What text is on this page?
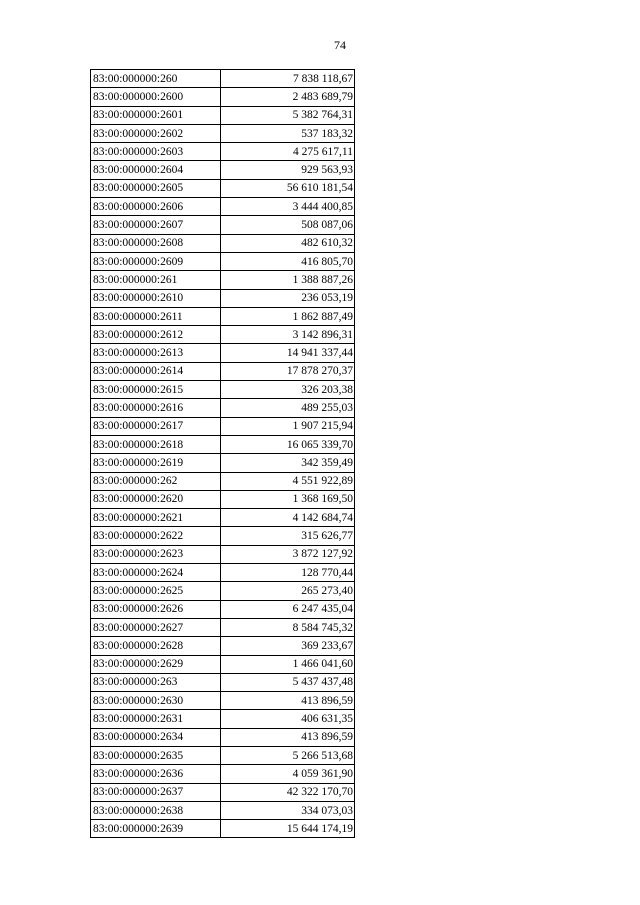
74
83:00:000000:260	7 838 118,67
83:00:000000:2600	2 483 689,79
83:00:000000:2601	5 382 764,31
83:00:000000:2602	537 183,32
83:00:000000:2603	4 275 617,11
83:00:000000:2604	929 563,93
83:00:000000:2605	56 610 181,54
83:00:000000:2606	3 444 400,85
83:00:000000:2607	508 087,06
83:00:000000:2608	482 610,32
83:00:000000:2609	416 805,70
83:00:000000:261	1 388 887,26
83:00:000000:2610	236 053,19
83:00:000000:2611	1 862 887,49
83:00:000000:2612	3 142 896,31
83:00:000000:2613	14 941 337,44
83:00:000000:2614	17 878 270,37
83:00:000000:2615	326 203,38
83:00:000000:2616	489 255,03
83:00:000000:2617	1 907 215,94
83:00:000000:2618	16 065 339,70
83:00:000000:2619	342 359,49
83:00:000000:262	4 551 922,89
83:00:000000:2620	1 368 169,50
83:00:000000:2621	4 142 684,74
83:00:000000:2622	315 626,77
83:00:000000:2623	3 872 127,92
83:00:000000:2624	128 770,44
83:00:000000:2625	265 273,40
83:00:000000:2626	6 247 435,04
83:00:000000:2627	8 584 745,32
83:00:000000:2628	369 233,67
83:00:000000:2629	1 466 041,60
83:00:000000:263	5 437 437,48
83:00:000000:2630	413 896,59
83:00:000000:2631	406 631,35
83:00:000000:2634	413 896,59
83:00:000000:2635	5 266 513,68
83:00:000000:2636	4 059 361,90
83:00:000000:2637	42 322 170,70
83:00:000000:2638	334 073,03
83:00:000000:2639	15 644 174,19
